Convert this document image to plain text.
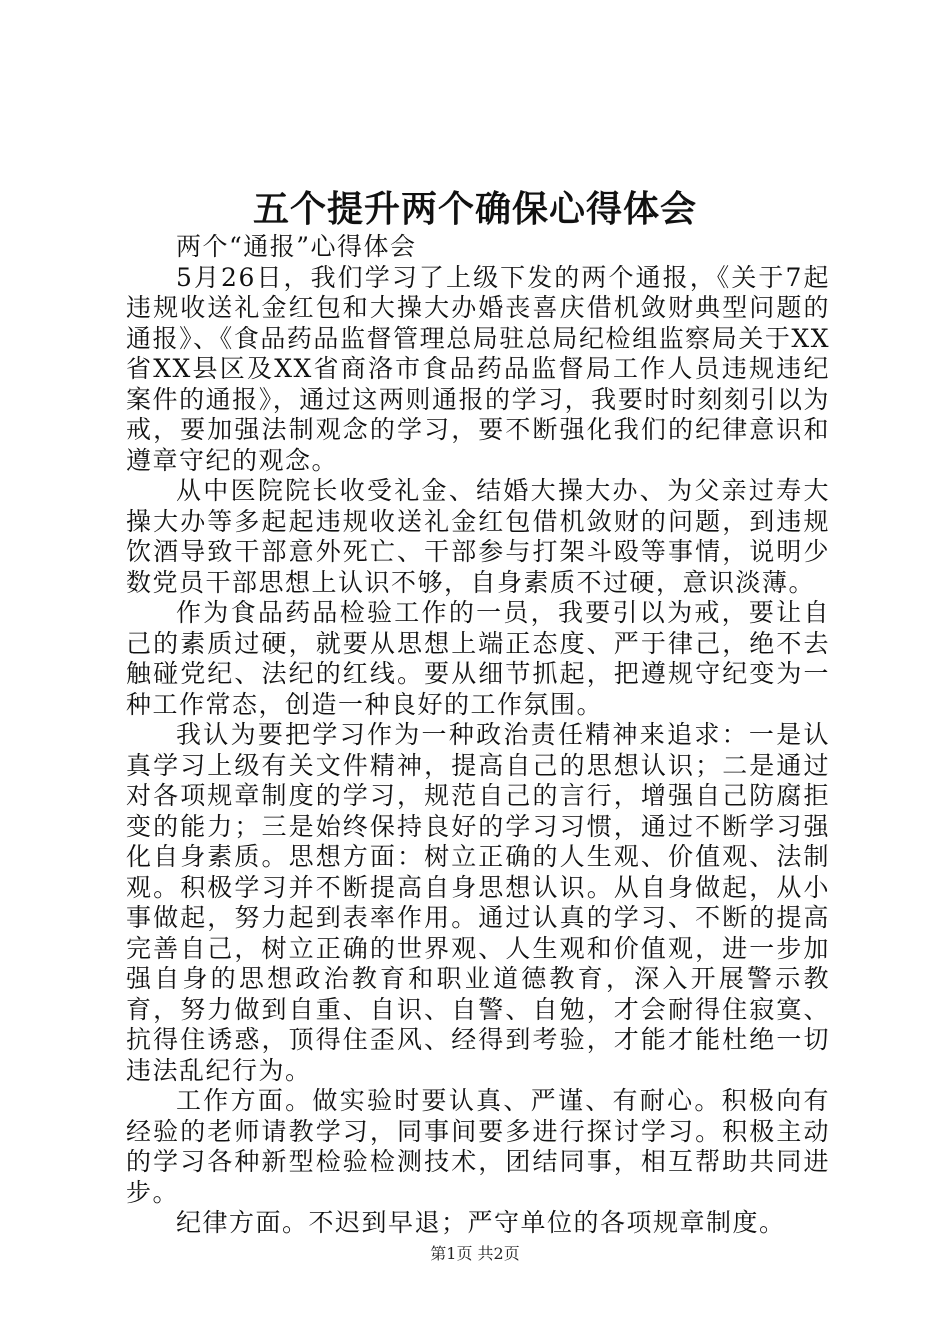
五个提升两个确保心得体会

两个“通报”心得体会

5月26日，我们学习了上级下发的两个通报，《关于7起违规收送礼金红包和大操大办婚丧喜庆借机敛财典型问题的通报》、《食品药品监督管理总局驻总局纪检组监察局关于XX省XX县区及XX省商洛市食品药品监督局工作人员违规违纪案件的通报》，通过这两则通报的学习，我要时时刻刻引以为戒，要加强法制观念的学习，要不断强化我们的纪律意识和遵章守纪的观念。

从中医院院长收受礼金、结婚大操大办、为父亲过寿大操大办等多起起违规收送礼金红包借机敛财的问题，到违规饮酒导致干部意外死亡、干部参与打架斗殴等事情，说明少数党员干部思想上认识不够，自身素质不过硬，意识淡薄。

作为食品药品检验工作的一员，我要引以为戒，要让自己的素质过硬，就要从思想上端正态度、严于律己，绝不去触碰党纪、法纪的红线。要从细节抓起，把遵规守纪变为一种工作常态，创造一种良好的工作氛围。

我认为要把学习作为一种政治责任精神来追求：一是认真学习上级有关文件精神，提高自己的思想认识；二是通过对各项规章制度的学习，规范自己的言行，增强自己防腐拒变的能力；三是始终保持良好的学习习惯，通过不断学习强化自身素质。思想方面：树立正确的人生观、价值观、法制观。积极学习并不断提高自身思想认识。从自身做起，从小事做起，努力起到表率作用。通过认真的学习、不断的提高完善自己，树立正确的世界观、人生观和价值观，进一步加强自身的思想政治教育和职业道德教育，深入开展警示教育，努力做到自重、自识、自警、自勉，才会耐得住寂寞、抗得住诱惑，顶得住歪风、经得到考验，才能才能杜绝一切违法乱纪行为。

工作方面。做实验时要认真、严谨、有耐心。积极向有经验的老师请教学习，同事间要多进行探讨学习。积极主动的学习各种新型检验检测技术，团结同事，相互帮助共同进步。

纪律方面。不迟到早退；严守单位的各项规章制度。

第1页 共2页
